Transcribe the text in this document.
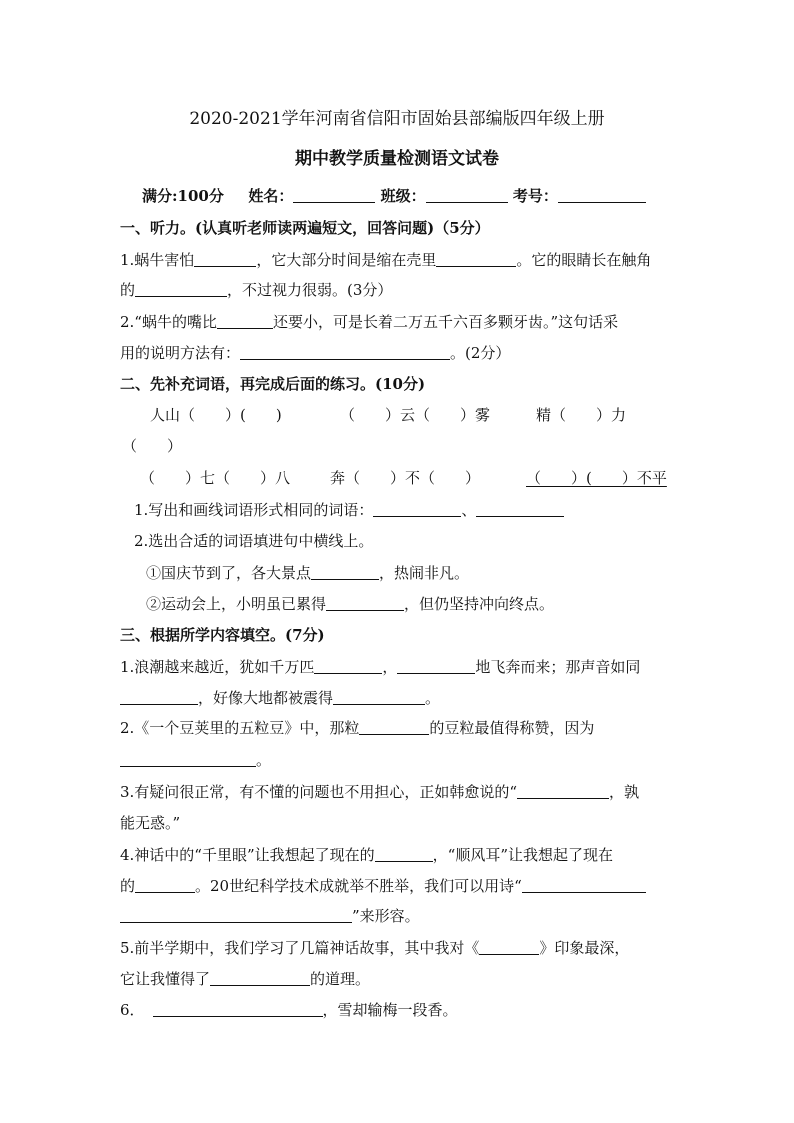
2020-2021学年河南省信阳市固始县部编版四年级上册
期中教学质量检测语文试卷
满分:100分 姓名：	班级：	考号：
一、听力。(认真听老师读两遍短文，回答问题)（5分）
1.蜗牛害怕	，它大部分时间是缩在壳里	。它的眼睛长在触角
的	，不过视力很弱。(3分）
2.“蜗牛的嘴比	还要小，可是长着二万五千六百多颗牙齿。”这句话采
用的说明方法有：	。(2分）
二、先补充词语，再完成后面的练习。(10分)
人山（　　）(　　)	（　　）云（　　）雾	精（　　）力
（　　）
（　　）七（　　）八	奔（　　）不（　　）	（　　）(　　）不平
1.写出和画线词语形式相同的词语：	、
2.选出合适的词语填进句中横线上。
①国庆节到了，各大景点	，热闹非凡。
②运动会上，小明虽已累得	，但仍坚持冲向终点。
三、根据所学内容填空。(7分)
1.浪潮越来越近，犹如千万匹	，	地飞奔而来；那声音如同
，好像大地都被震得	。
2.《一个豆荚里的五粒豆》中，那粒	的豆粒最值得称赞，因为
。
3.有疑问很正常，有不懂的问题也不用担心，正如韩愈说的“	，孰
能无惑。”
4.神话中的“千里眼”让我想起了现在的	，“顺风耳”让我想起了现在
的	。20世纪科学技术成就举不胜举，我们可以用诗“
”来形容。
5.前半学期中，我们学习了几篇神话故事，其中我对《	》印象最深，
它让我懂得了	的道理。
6．	，雪却输梅一段香。
